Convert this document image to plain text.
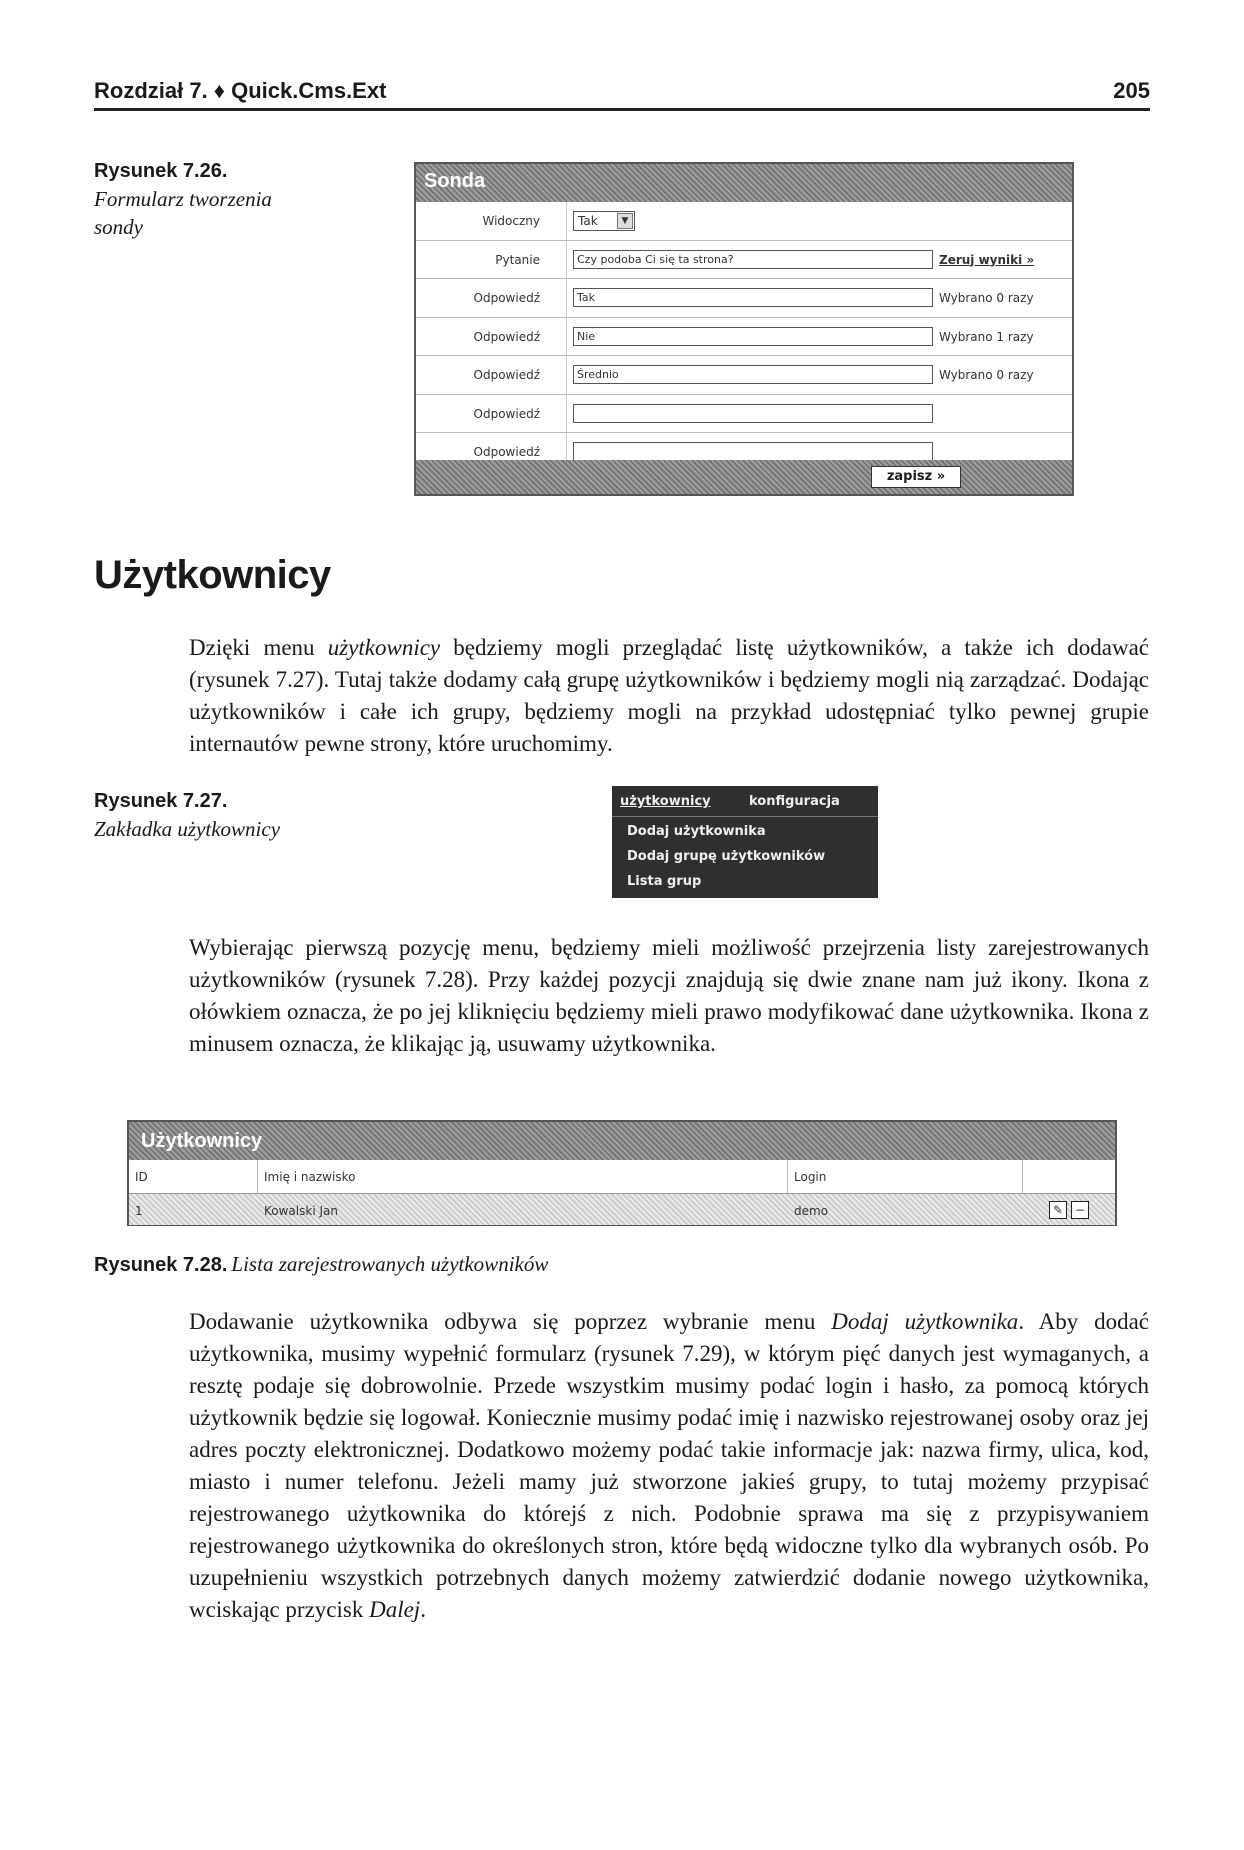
Rozdział 7. ♦ Quick.Cms.Ext	205
Rysunek 7.26.
Formularz tworzenia
sondy
Sonda
Widoczny	Tak	▼
Pytanie	Czy podoba Ci się ta strona?	Zeruj wyniki »
Odpowiedź	Tak	Wybrano 0 razy
Odpowiedź	Nie	Wybrano 1 razy
Odpowiedź	Średnio	Wybrano 0 razy
Odpowiedź
Odpowiedź
zapisz »
Użytkownicy

Dzięki menu użytkownicy będziemy mogli przeglądać listę użytkowników, a także ich dodawać (rysunek 7.27). Tutaj także dodamy całą grupę użytkowników i będziemy mogli nią zarządzać. Dodając użytkowników i całe ich grupy, będziemy mogli na przykład udostępniać tylko pewnej grupie internautów pewne strony, które uruchomimy.

Rysunek 7.27.
Zakładka użytkownicy
użytkownicy	konfiguracja
Dodaj użytkownika
Dodaj grupę użytkowników
Lista grup

Wybierając pierwszą pozycję menu, będziemy mieli możliwość przejrzenia listy zarejestrowanych użytkowników (rysunek 7.28). Przy każdej pozycji znajdują się dwie znane nam już ikony. Ikona z ołówkiem oznacza, że po jej kliknięciu będziemy mieli prawo modyfikować dane użytkownika. Ikona z minusem oznacza, że klikając ją, usuwamy użytkownika.

Użytkownicy
ID	Imię i nazwisko	Login
1	Kowalski Jan	demo	✎ −
Rysunek 7.28. Lista zarejestrowanych użytkowników

Dodawanie użytkownika odbywa się poprzez wybranie menu Dodaj użytkownika. Aby dodać użytkownika, musimy wypełnić formularz (rysunek 7.29), w którym pięć danych jest wymaganych, a resztę podaje się dobrowolnie. Przede wszystkim musimy podać login i hasło, za pomocą których użytkownik będzie się logował. Koniecznie musimy podać imię i nazwisko rejestrowanej osoby oraz jej adres poczty elektronicznej. Dodatkowo możemy podać takie informacje jak: nazwa firmy, ulica, kod, miasto i numer telefonu. Jeżeli mamy już stworzone jakieś grupy, to tutaj możemy przypisać rejestrowanego użytkownika do którejś z nich. Podobnie sprawa ma się z przypisywaniem rejestrowanego użytkownika do określonych stron, które będą widoczne tylko dla wybranych osób. Po uzupełnieniu wszystkich potrzebnych danych możemy zatwierdzić dodanie nowego użytkownika, wciskając przycisk Dalej.
